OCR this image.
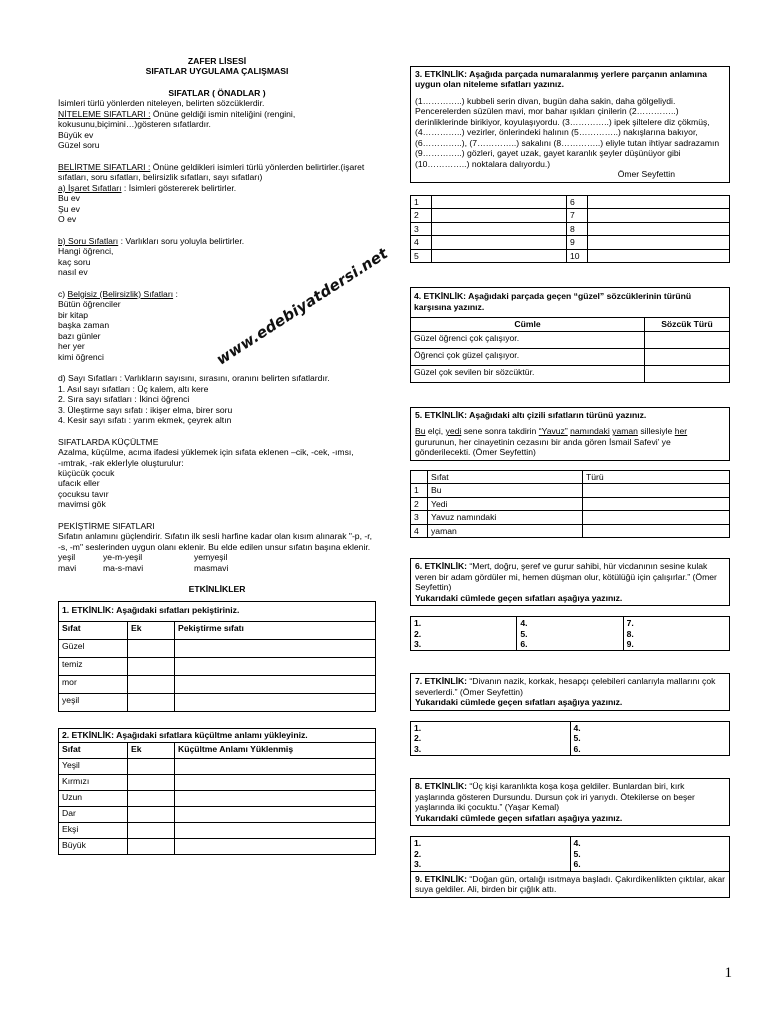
ZAFER LİSESİ

SIFATLAR UYGULAMA ÇALIŞMASI

SIFATLAR ( ÖNADLAR )

İsimleri türlü yönlerden niteleyen, belirten sözcüklerdir.

NİTELEME SIFATLARI : Önüne geldiği ismin niteliğini (rengini, kokusunu,biçimini…)gösteren sıfatlardır.

Büyük ev

Güzel soru

BELİRTME SIFATLARI : Önüne geldikleri isimleri türlü yönlerden belirtirler.(işaret sıfatları, soru sıfatları, belirsizlik sıfatları, sayı sıfatları)

a) İşaret Sıfatları : İsimleri göstererek belirtirler.

Bu ev

Şu ev

O ev

b) Soru Sıfatları : Varlıkları soru yoluyla belirtirler.

Hangi öğrenci,

kaç soru

nasıl ev

c) Belgisiz (Belirsizlik) Sıfatları :

Bütün öğrenciler

bir kitap

başka zaman

bazı günler

her yer

kimi öğrenci

d) Sayı Sıfatları : Varlıkların sayısını, sırasını, oranını belirten sıfatlardır.

1. Asıl sayı sıfatları : Üç kalem, altı kere

2. Sıra sayı sıfatları : İkinci öğrenci

3. Üleştirme sayı sıfatı : ikişer elma, birer soru

4. Kesir sayı sıfatı : yarım ekmek, çeyrek altın

SIFATLARDA KÜÇÜLTME

Azalma, küçülme, acıma ifadesi yüklemek için sıfata eklenen –cik, -cek, -ımsı, -ımtrak, -rak eklerİyle oluşturulur:

küçücük çocuk

ufacık eller

çocuksu tavır

mavimsi gök

PEKİŞTİRME SIFATLARI

Sıfatın anlamını güçlendirir. Sıfatın ilk sesli harfine kadar olan kısım alınarak "-p, -r, -s, -m" seslerinden uygun olanı eklenir. Bu elde edilen unsur sıfatın başına eklenir.

yeşil	ye-m-yeşil	yemyeşil
mavi	ma-s-mavi	masmavi

ETKİNLİKLER

1. ETKİNLİK: Aşağıdaki sıfatları pekiştiriniz.		
Sıfat	Ek	Pekiştirme sıfatı
Güzel		
temiz		
mor		
yeşil		
2. ETKİNLİK: Aşağıdaki sıfatlara küçültme anlamı yükleyiniz.		
Sıfat	Ek	Küçültme Anlamı Yüklenmiş
Yeşil		
Kırmızı		
Uzun		
Dar		
Ekşi		
Büyük		
www.edebiyatdersi.net

3. ETKİNLİK: Aşağıda parçada numaralanmış yerlere parçanın anlamına uygun olan niteleme sıfatları yazınız.

(1…………..) kubbeli serin divan, bugün daha sakin, daha gölgeliydi. Pencerelerden süzülen mavi, mor bahar ışıkları çinilerin (2…………..) derinliklerinde birikiyor, koyulaşıyordu. (3…………..) ipek şiltelere diz çökmüş, (4…………..) vezirler, önlerindeki halının (5…………..) nakışlarına bakıyor, (6…………..), (7…………..) sakalını (8…………..) eliyle tutan ihtiyar sadrazamın (9…………..) gözleri, gayet uzak, gayet karanlık şeyler düşünüyor gibi (10…………..) noktalara dalıyordu.)

Ömer Seyfettin

1		6	
2		7	
3		8	
4		9	
5		10	
4. ETKİNLİK: Aşağıdaki parçada geçen “güzel” sözcüklerinin türünü karşısına yazınız.	
Cümle	Sözcük Türü
Güzel öğrenci çok çalışıyor.	
Öğrenci çok güzel çalışıyor.	
Güzel çok sevilen bir sözcüktür.	

5. ETKİNLİK: Aşağıdaki altı çizili sıfatların türünü yazınız.

Bu elçi, yedi sene sonra takdirin “Yavuz” namındaki yaman sillesiyle her gururunun, her cinayetinin cezasını bir anda gören İsmail Safevi’ ye gönderilecekti. (Ömer Seyfettin)

	Sıfat	Türü
1	Bu	
2	Yedi	
3	Yavuz namındaki	
4	yaman	

6. ETKİNLİK: “Mert, doğru, şeref ve gurur sahibi, hür vicdanının sesine kulak veren bir adam gördüler mi, hemen düşman olur, kötülüğü için çalışırlar.” (Ömer Seyfettin)

Yukarıdaki cümlede geçen sıfatları aşağıya yazınız.

1.
2.
3.

4.
5.
6.

7.
8.
9.

7. ETKİNLİK: “Divanın nazik, korkak, hesapçı çelebileri canlarıyla mallarını çok severlerdi.” (Ömer Seyfettin)

Yukarıdaki cümlede geçen sıfatları aşağıya yazınız.

1.
2.
3.

4.
5.
6.

8. ETKİNLİK: “Üç kişi karanlıkta koşa koşa geldiler. Bunlardan biri, kırk yaşlarında gösteren Dursundu. Dursun çok iri yarıydı. Ötekilerse on beşer yaşlarında iki çocuktu.” (Yaşar Kemal)

Yukarıdaki cümlede geçen sıfatları aşağıya yazınız.

1.
2.
3.

4.
5.
6.

9. ETKİNLİK: “Doğan gün, ortalığı ısıtmaya başladı. Çakırdikenlikten çıktılar, akar suya geldiler. Ali, birden bir çığlık attı.

1
